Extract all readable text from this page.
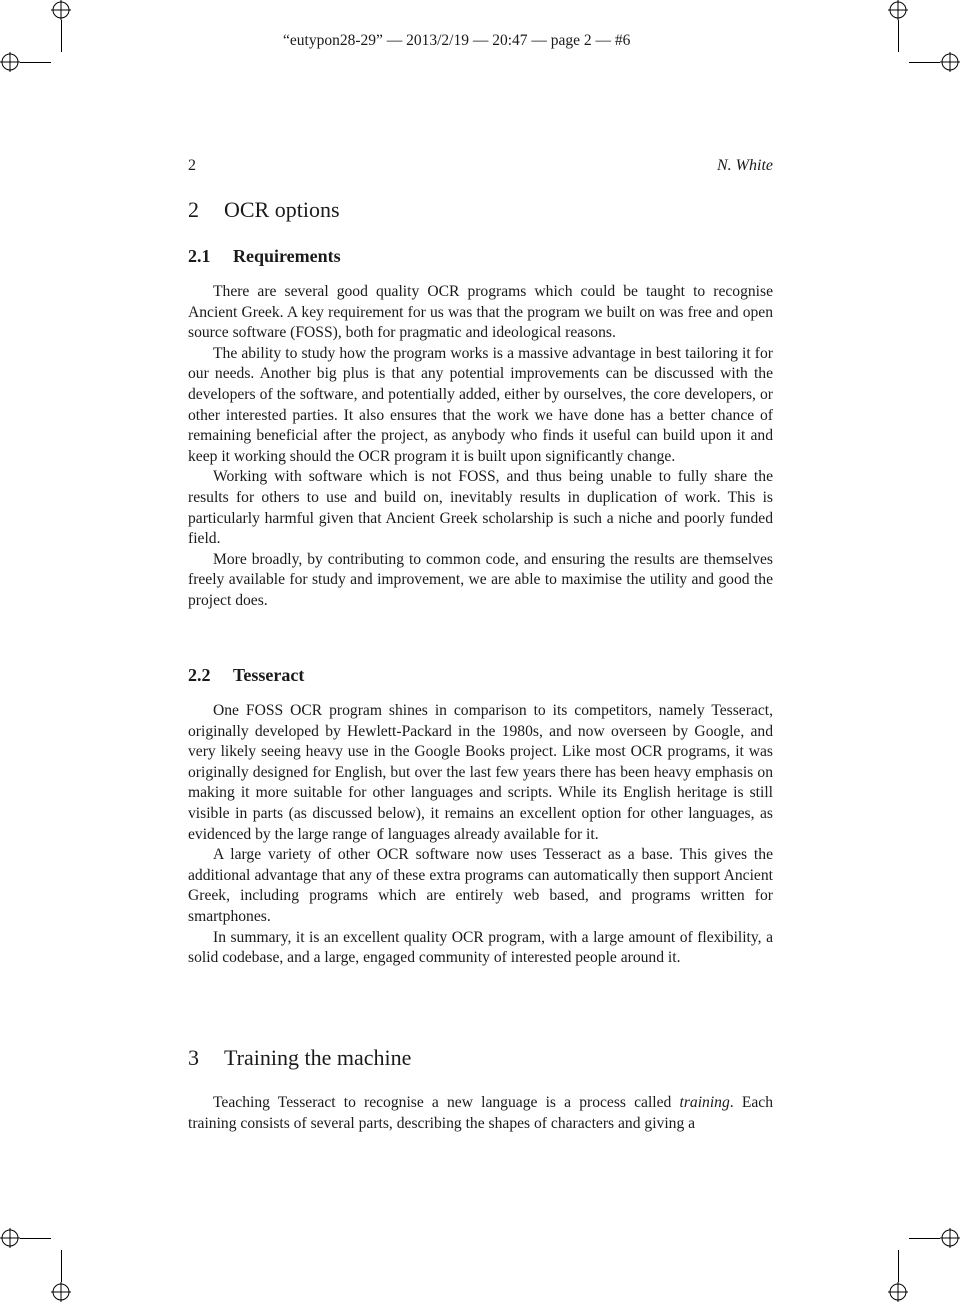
“eutypon28-29” — 2013/2/19 — 20:47 — page 2 — #6
2	N. White
2 OCR options
2.1 Requirements

There are several good quality OCR programs which could be taught to recognise Ancient Greek. A key requirement for us was that the program we built on was free and open source software (FOSS), both for pragmatic and ideological reasons.

The ability to study how the program works is a massive advantage in best tailoring it for our needs. Another big plus is that any potential improvements can be discussed with the developers of the software, and potentially added, either by ourselves, the core developers, or other interested parties. It also ensures that the work we have done has a better chance of remaining beneficial after the project, as anybody who finds it useful can build upon it and keep it working should the OCR program it is built upon significantly change.

Working with software which is not FOSS, and thus being unable to fully share the results for others to use and build on, inevitably results in duplication of work. This is particularly harmful given that Ancient Greek scholarship is such a niche and poorly funded field.

More broadly, by contributing to common code, and ensuring the results are themselves freely available for study and improvement, we are able to maximise the utility and good the project does.

2.2 Tesseract

One FOSS OCR program shines in comparison to its competitors, namely Tesseract, originally developed by Hewlett-Packard in the 1980s, and now overseen by Google, and very likely seeing heavy use in the Google Books project. Like most OCR programs, it was originally designed for English, but over the last few years there has been heavy emphasis on making it more suitable for other languages and scripts. While its English heritage is still visible in parts (as discussed below), it remains an excellent option for other languages, as evidenced by the large range of languages already available for it.

A large variety of other OCR software now uses Tesseract as a base. This gives the additional advantage that any of these extra programs can automatically then support Ancient Greek, including programs which are entirely web based, and programs written for smartphones.

In summary, it is an excellent quality OCR program, with a large amount of flexibility, a solid codebase, and a large, engaged community of interested people around it.

3 Training the machine

Teaching Tesseract to recognise a new language is a process called training. Each training consists of several parts, describing the shapes of characters and giving a
